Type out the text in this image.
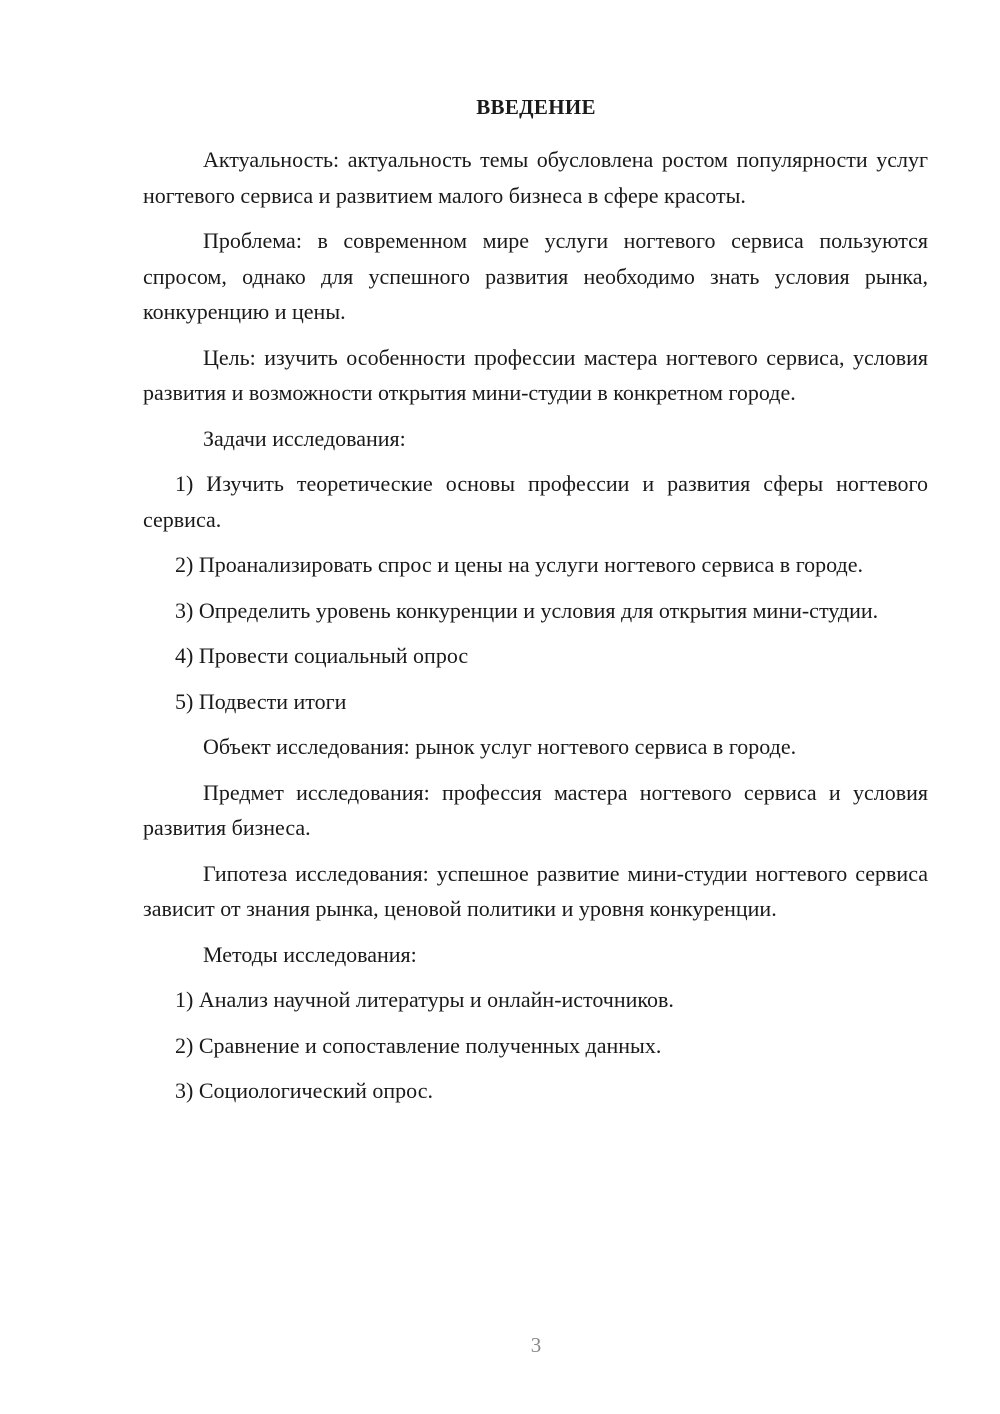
ВВЕДЕНИЕ

Актуальность: актуальность темы обусловлена ростом популярности услуг ногтевого сервиса и развитием малого бизнеса в сфере красоты.

Проблема: в современном мире услуги ногтевого сервиса пользуются спросом, однако для успешного развития необходимо знать условия рынка, конкуренцию и цены.

Цель: изучить особенности профессии мастера ногтевого сервиса, условия развития и возможности открытия мини-студии в конкретном городе.

Задачи исследования:

1) Изучить теоретические основы профессии и развития сферы ногтевого сервиса.

2) Проанализировать спрос и цены на услуги ногтевого сервиса в городе.

3) Определить уровень конкуренции и условия для открытия мини-студии.

4) Провести социальный опрос

5) Подвести итоги

Объект исследования: рынок услуг ногтевого сервиса в городе.

Предмет исследования: профессия мастера ногтевого сервиса и условия развития бизнеса.

Гипотеза исследования: успешное развитие мини-студии ногтевого сервиса зависит от знания рынка, ценовой политики и уровня конкуренции.

Методы исследования:

1) Анализ научной литературы и онлайн-источников.

2) Сравнение и сопоставление полученных данных.

3) Социологический опрос.

3
